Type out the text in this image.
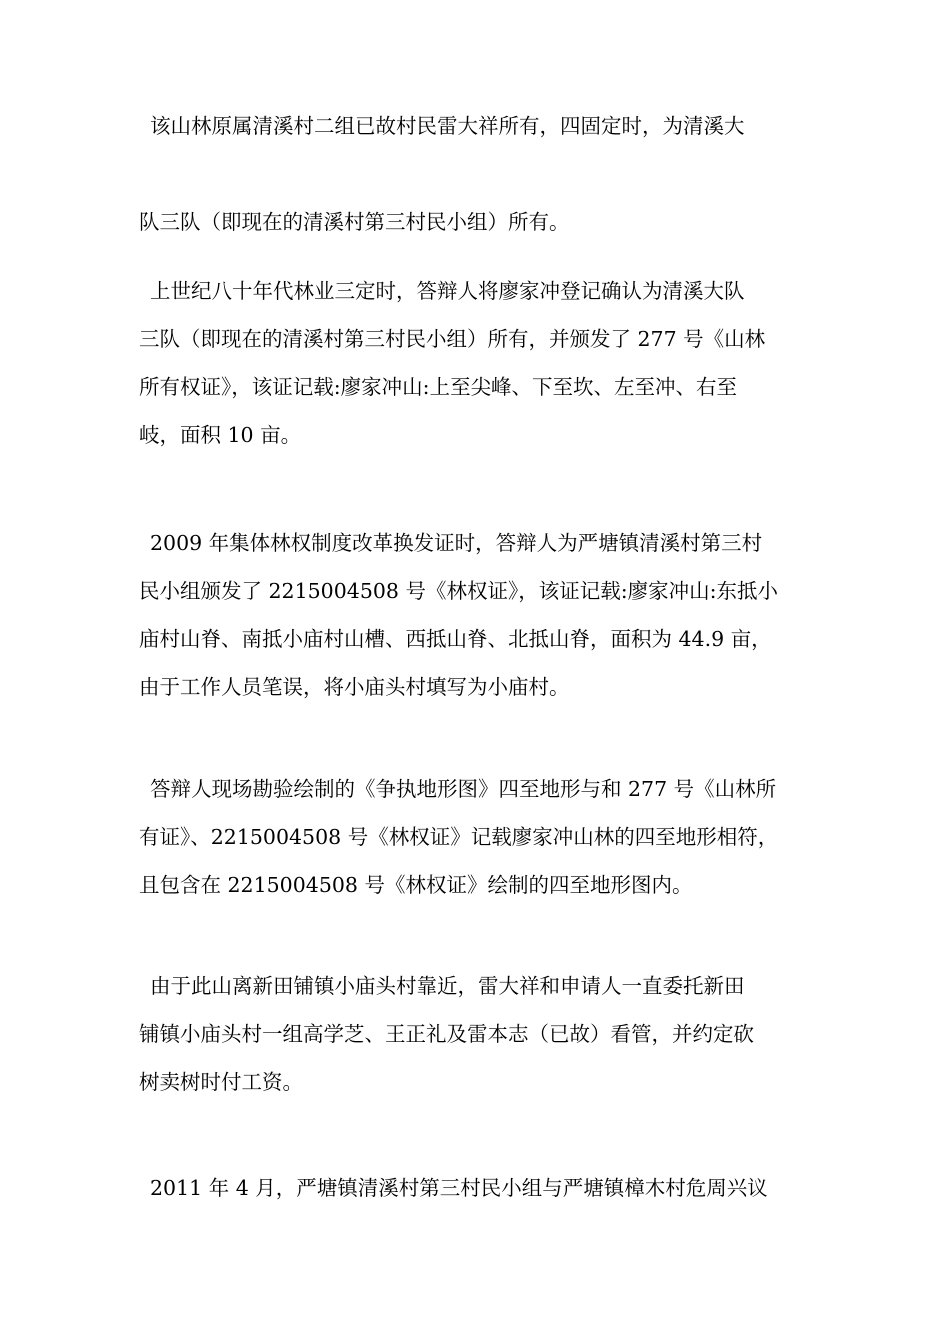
该山林原属清溪村二组已故村民雷大祥所有，四固定时，为清溪大
队三队（即现在的清溪村第三村民小组）所有。
上世纪八十年代林业三定时，答辩人将廖家冲登记确认为清溪大队
三队（即现在的清溪村第三村民小组）所有，并颁发了 277 号《山林
所有权证》，该证记载:廖家冲山:上至尖峰、下至坎、左至冲、右至
岐，面积 10 亩。
2009 年集体林权制度改革换发证时，答辩人为严塘镇清溪村第三村
民小组颁发了 2215004508 号《林权证》，该证记载:廖家冲山:东抵小
庙村山脊、南抵小庙村山槽、西抵山脊、北抵山脊，面积为 44.9 亩，
由于工作人员笔误，将小庙头村填写为小庙村。
答辩人现场勘验绘制的《争执地形图》四至地形与和 277 号《山林所
有证》、2215004508 号《林权证》记载廖家冲山林的四至地形相符，
且包含在 2215004508 号《林权证》绘制的四至地形图内。
由于此山离新田铺镇小庙头村靠近，雷大祥和申请人一直委托新田
铺镇小庙头村一组高学芝、王正礼及雷本志（已故）看管，并约定砍
树卖树时付工资。
2011 年 4 月，严塘镇清溪村第三村民小组与严塘镇樟木村危周兴议
